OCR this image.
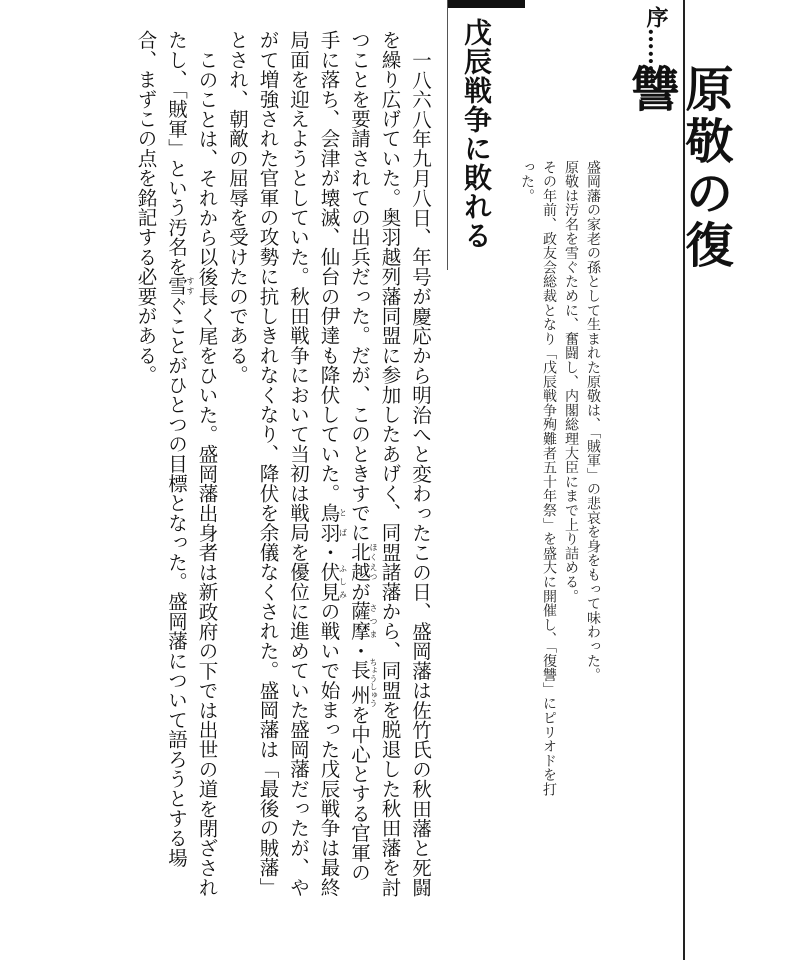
序……
原敬の復讐
盛岡藩の家老の孫として生まれた原敬は、「賊軍」の悲哀を身をもって味わった。
原敬は汚名を雪ぐために、奮闘し、内閣総理大臣にまで上り詰める。
その年前、政友会総裁となり「戊辰戦争殉難者五十年祭」を盛大に開催し、「復讐」にピリオドを打った。
戊辰戦争に敗れる

一八六八年九月八日、年号が慶応から明治へと変わったこの日、盛岡藩は佐竹氏の秋田藩と死闘を繰り広げていた。奥羽越列藩同盟に参加したあげく、同盟諸藩から、同盟を脱退した秋田藩を討つことを要請されての出兵だった。だが、このときすでに北越ほくえつが薩摩さつま・長州ちょうしゅうを中心とする官軍の手に落ち、会津が壊滅、仙台の伊達も降伏していた。鳥羽とば・伏見ふしみの戦いで始まった戊辰戦争は最終局面を迎えようとしていた。秋田戦争において当初は戦局を優位に進めていた盛岡藩だったが、やがて増強された官軍の攻勢に抗しきれなくなり、降伏を余儀なくされた。盛岡藩は「最後の賊藩」とされ、朝敵の屈辱を受けたのである。

このことは、それから以後長く尾をひいた。盛岡藩出身者は新政府の下では出世の道を閉ざされたし、「賊軍」という汚名を雪すすぐことがひとつの目標となった。盛岡藩について語ろうとする場合、まずこの点を銘記する必要がある。
